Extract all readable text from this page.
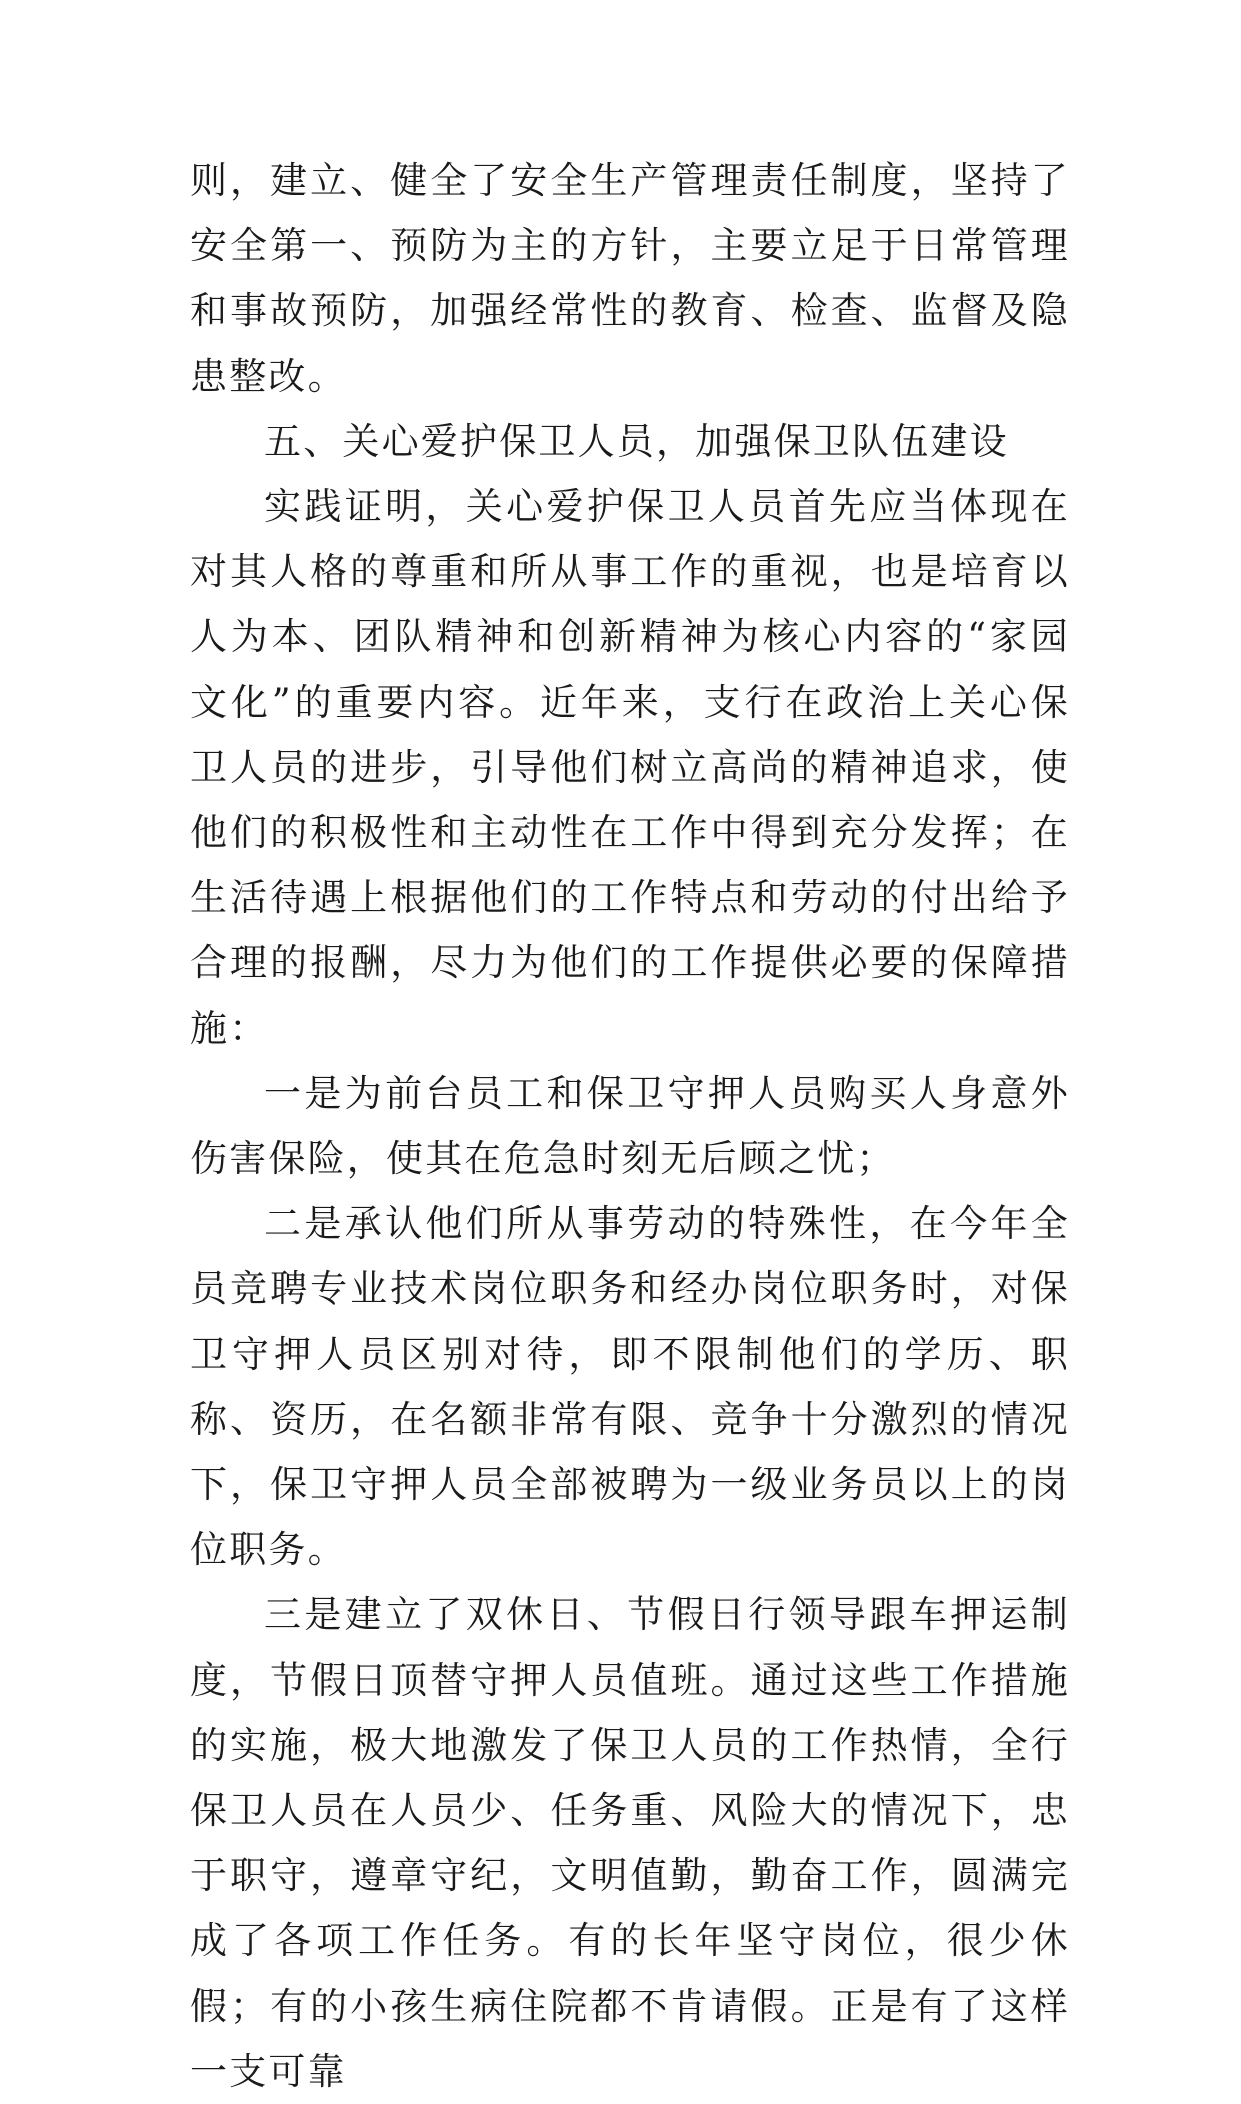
则，建立、健全了安全生产管理责任制度，坚持了安全第一、预防为主的方针，主要立足于日常管理和事故预防，加强经常性的教育、检查、监督及隐患整改。

五、关心爱护保卫人员，加强保卫队伍建设

实践证明，关心爱护保卫人员首先应当体现在对其人格的尊重和所从事工作的重视，也是培育以人为本、团队精神和创新精神为核心内容的“家园文化”的重要内容。近年来，支行在政治上关心保卫人员的进步，引导他们树立高尚的精神追求，使他们的积极性和主动性在工作中得到充分发挥；在生活待遇上根据他们的工作特点和劳动的付出给予合理的报酬，尽力为他们的工作提供必要的保障措施：

一是为前台员工和保卫守押人员购买人身意外伤害保险，使其在危急时刻无后顾之忧；

二是承认他们所从事劳动的特殊性，在今年全员竞聘专业技术岗位职务和经办岗位职务时，对保卫守押人员区别对待，即不限制他们的学历、职称、资历，在名额非常有限、竞争十分激烈的情况下，保卫守押人员全部被聘为一级业务员以上的岗位职务。

三是建立了双休日、节假日行领导跟车押运制度，节假日顶替守押人员值班。通过这些工作措施的实施，极大地激发了保卫人员的工作热情，全行保卫人员在人员少、任务重、风险大的情况下，忠于职守，遵章守纪，文明值勤，勤奋工作，圆满完成了各项工作任务。有的长年坚守岗位，很少休假；有的小孩生病住院都不肯请假。正是有了这样一支可靠
